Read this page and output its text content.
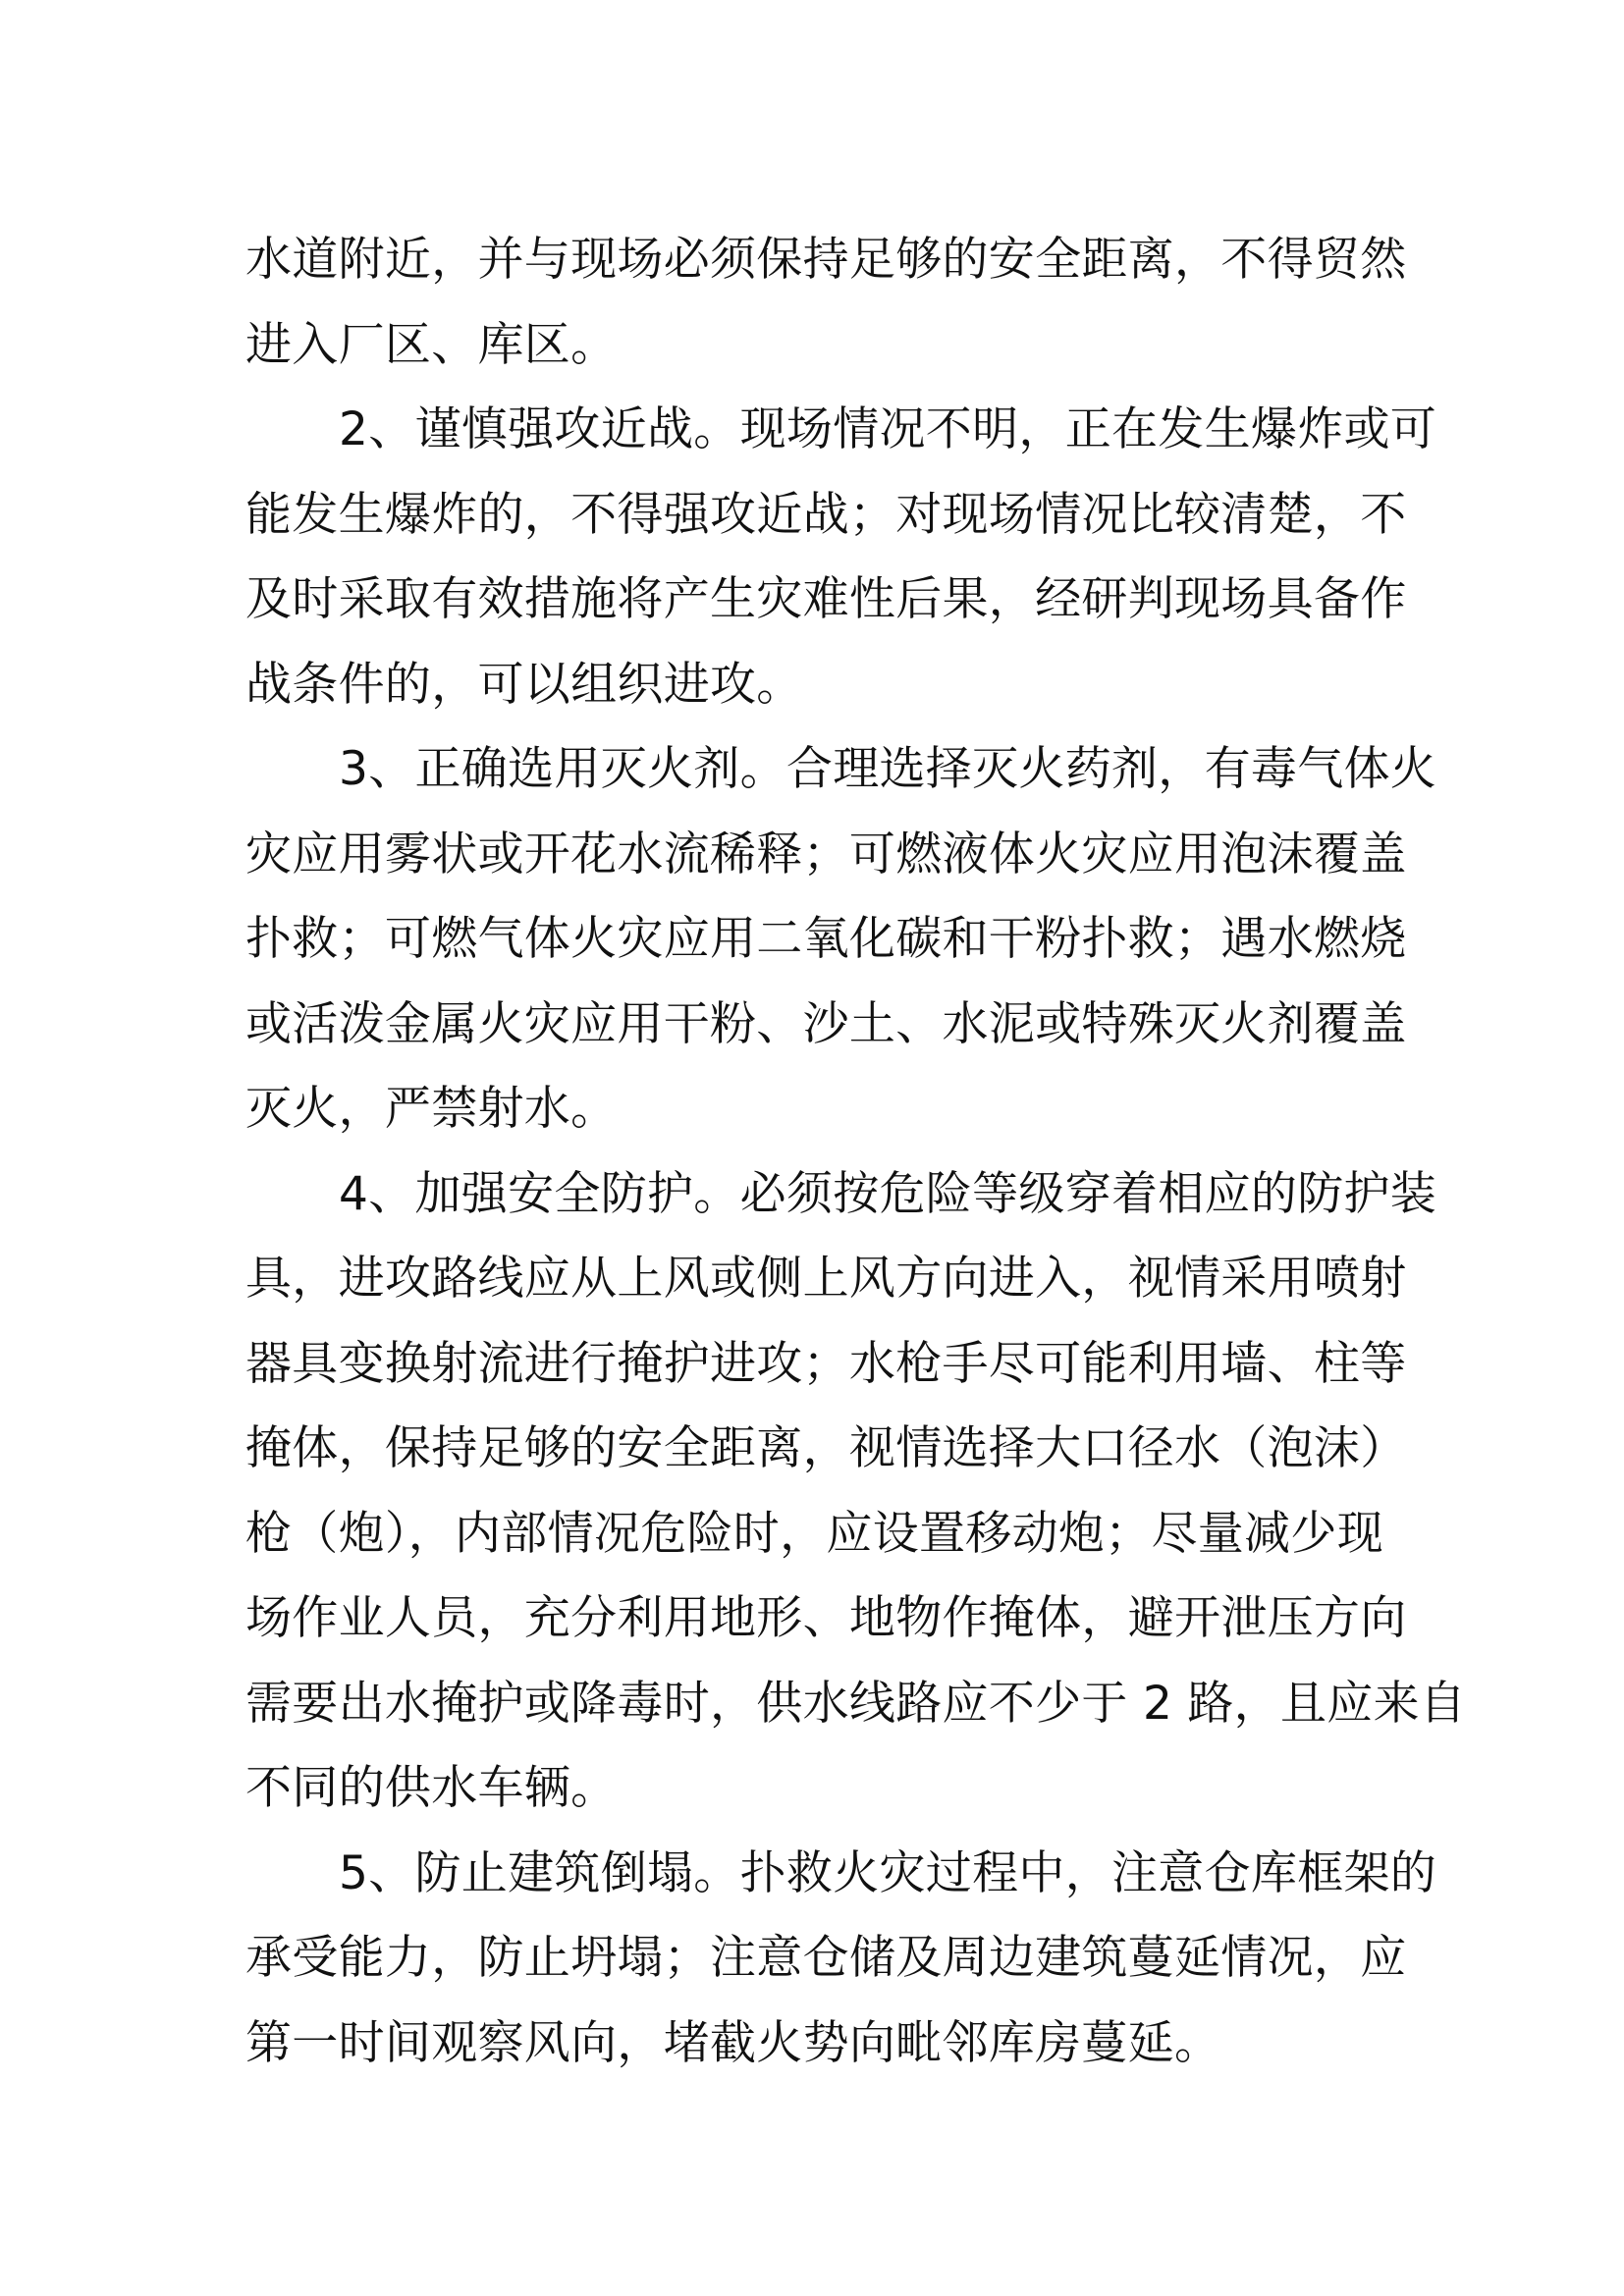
水道附近，并与现场必须保持足够的安全距离，不得贸然
进入厂区、库区。
2、谨慎强攻近战。现场情况不明，正在发生爆炸或可
能发生爆炸的，不得强攻近战；对现场情况比较清楚，不
及时采取有效措施将产生灾难性后果，经研判现场具备作
战条件的，可以组织进攻。
3、正确选用灭火剂。合理选择灭火药剂，有毒气体火
灾应用雾状或开花水流稀释；可燃液体火灾应用泡沫覆盖
扑救；可燃气体火灾应用二氧化碳和干粉扑救；遇水燃烧
或活泼金属火灾应用干粉、沙土、水泥或特殊灭火剂覆盖
灭火，严禁射水。
4、加强安全防护。必须按危险等级穿着相应的防护装
具，进攻路线应从上风或侧上风方向进入，视情采用喷射
器具变换射流进行掩护进攻；水枪手尽可能利用墙、柱等
掩体，保持足够的安全距离，视情选择大口径水（泡沫）
枪（炮），内部情况危险时，应设置移动炮；尽量减少现
场作业人员，充分利用地形、地物作掩体，避开泄压方向
需要出水掩护或降毒时，供水线路应不少于 2 路，且应来自
不同的供水车辆。
5、防止建筑倒塌。扑救火灾过程中，注意仓库框架的
承受能力，防止坍塌；注意仓储及周边建筑蔓延情况，应
第一时间观察风向，堵截火势向毗邻库房蔓延。
